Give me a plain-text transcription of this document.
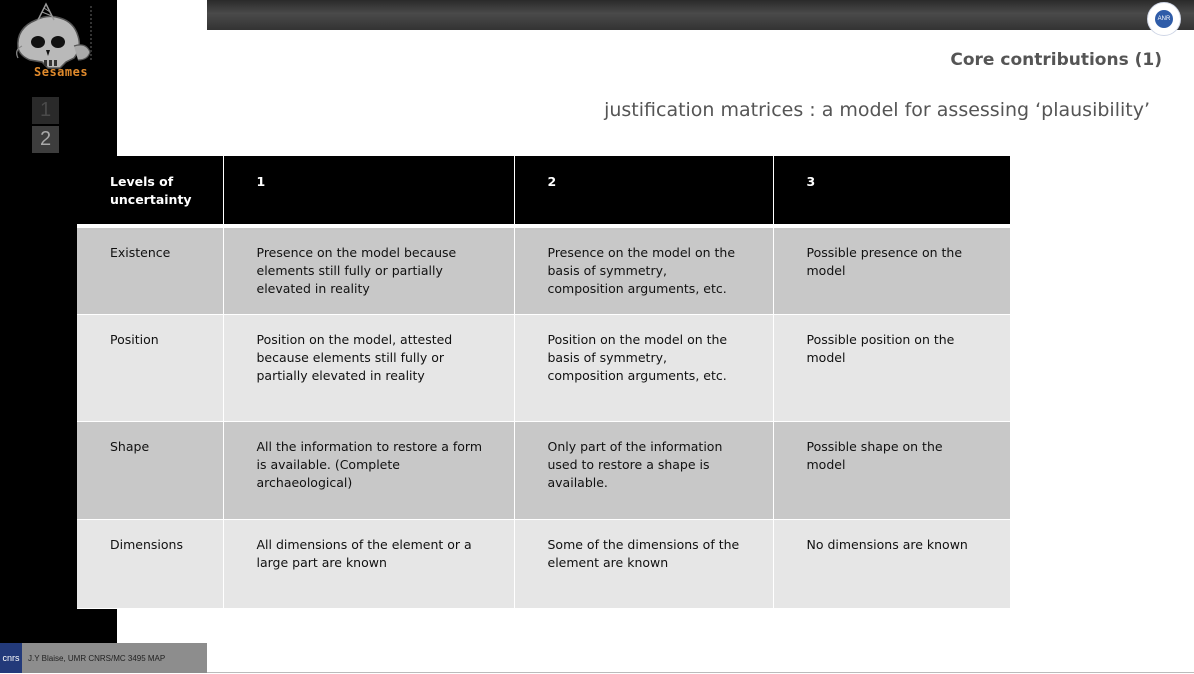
Sesames
1
2
ANR
Core contributions (1)
justification matrices : a model for assessing ‘plausibility’
Levels of uncertainty	1	2	3

Existence	Presence on the model because elements still fully or partially elevated in reality	Presence on the model on the basis of symmetry, composition arguments, etc.	Possible presence on the model
Position	Position on the model, attested because elements still fully or partially elevated in reality	Position on the model on the basis of symmetry, composition arguments, etc.	Possible position on the model
Shape	All the information to restore a form is available. (Complete archaeological)	Only part of the information used to restore a shape is available.	Possible shape on the model
Dimensions	All dimensions of the element or a large part are known	Some of the dimensions of the element are known	No dimensions are known
cnrs	J.Y Blaise, UMR CNRS/MC 3495 MAP
